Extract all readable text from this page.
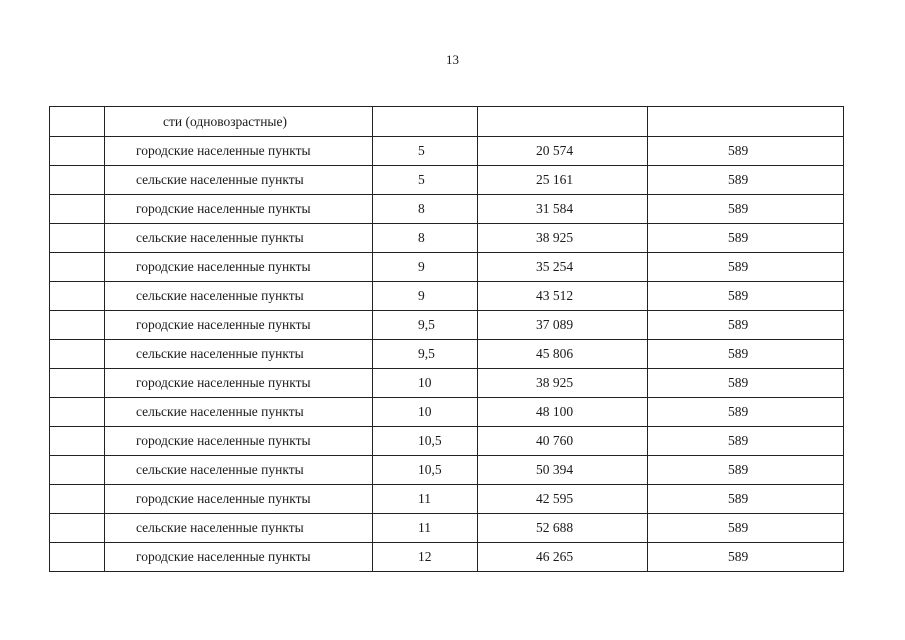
13
	сти (одновозрастные)			
	городские населенные пункты	5	20 574	589
	сельские населенные пункты	5	25 161	589
	городские населенные пункты	8	31 584	589
	сельские населенные пункты	8	38 925	589
	городские населенные пункты	9	35 254	589
	сельские населенные пункты	9	43 512	589
	городские населенные пункты	9,5	37 089	589
	сельские населенные пункты	9,5	45 806	589
	городские населенные пункты	10	38 925	589
	сельские населенные пункты	10	48 100	589
	городские населенные пункты	10,5	40 760	589
	сельские населенные пункты	10,5	50 394	589
	городские населенные пункты	11	42 595	589
	сельские населенные пункты	11	52 688	589
	городские населенные пункты	12	46 265	589
